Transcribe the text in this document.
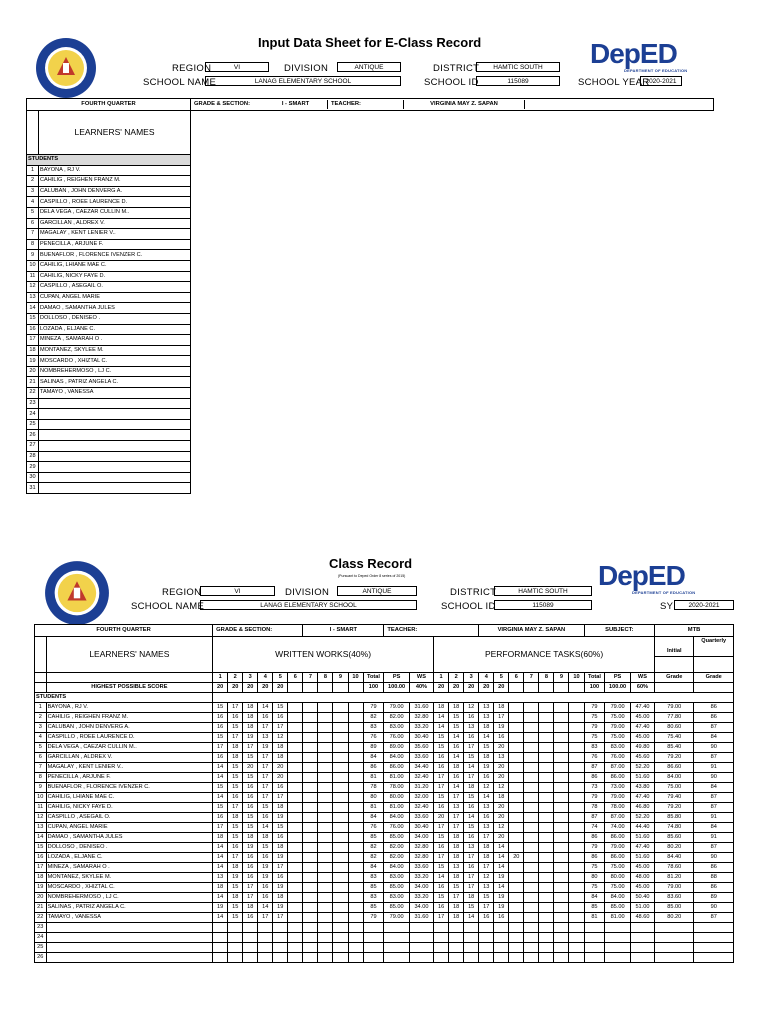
Input Data Sheet for E-Class Record	DepED
DEPARTMENT OF EDUCATION
REGION	VI	DIVISION	ANTIQUE	DISTRICT	HAMTIC SOUTH
SCHOOL NAME	LANAG ELEMENTARY SCHOOL	SCHOOL ID	115089	SCHOOL YEAR
2020-2021
FOURTH QUARTER		GRADE & SECTION: I - SMART TEACHER: VIRGINIA MAY Z. SAPAN

	LEARNERS' NAMES	
STUDENTS		
1	BAYONA , RJ V.	
2	CAHILIG , REIGHEN FRANZ M.	
3	CALUBAN , JOHN DENVERG A.	
4	CASPILLO , ROEE LAURENCE D.	
5	DELA VEGA , CAEZAR CULLIN M..	
6	GARCILLAN , ALDREX V.	
7	MAGALAY , KENT LENIER V..	
8	PENECILLA , ARJUNE F.	
9	BUENAFLOR , FLORENCE IVENZER C.	
10	CAHILIG, LHIANE MAE C.	
11	CAHILIG, NICKY FAYE D.	
12	CASPILLO , ASEGAIL O.	
13	CUPAN, ANGEL MARIE	
14	DAMAO , SAMANTHA JULES	
15	DOLLOSO , DENISEO .	
16	LOZADA , ELJANE C.	
17	MINEZA , SAMARAH O .	
18	MONTANEZ, SKYLEE M.	
19	MOSCARDO , XHIZTAL C.	
20	NOMBREHERMOSO , LJ C.	
21	SALINAS , PATRIZ ANGELA C.	
22	TAMAYO , VANESSA	
23		
24		
25		
26		
27		
28		
29		
30		
31		
Class Record
(Pursuant to Deped Order 8 series of 2015)	DepED
DEPARTMENT OF EDUCATION
REGION	VI	DIVISION	ANTIQUE	DISTRICT	HAMTIC SOUTH
SCHOOL NAME	LANAG ELEMENTARY SCHOOL	SCHOOL ID	115089	SY	2020-2021
FOURTH QUARTER		GRADE & SECTION:						I - SMART					TEACHER:					VIRGINIA MAY Z. SAPAN							SUBJECT:			MTB	
	LEARNERS' NAMES	WRITTEN WORKS(40%)													PERFORMANCE TASKS(60%)													Initial	Quarterly

		1	2	3	4	5	6	7	8	9	10	Total	PS	WS	1	2	3	4	5	6	7	8	9	10	Total	PS	WS	Grade	Grade
	HIGHEST POSSIBLE SCORE	20	20	20	20	20						100	100.00	40%	20	20	20	20	20						100	100.00	60%		
STUDENTS																													
1	BAYONA , RJ V.	15	17	18	14	15						79	79.00	31.60	18	18	12	13	18						79	79.00	47.40	79.00	86
2	CAHILIG , REIGHEN FRANZ M.	16	16	18	16	16						82	82.00	32.80	14	15	16	13	17						75	75.00	45.00	77.80	86
3	CALUBAN , JOHN DENVERG A.	16	15	18	17	17						83	83.00	33.20	14	15	13	18	19						79	79.00	47.40	80.60	87
4	CASPILLO , ROEE LAURENCE D.	15	17	19	13	12						76	76.00	30.40	15	14	16	14	16						75	75.00	45.00	75.40	84
5	DELA VEGA , CAEZAR CULLIN M..	17	18	17	19	18						89	89.00	35.60	15	16	17	15	20						83	83.00	49.80	85.40	90
6	GARCILLAN , ALDREX V.	16	18	15	17	18						84	84.00	33.60	16	14	15	18	13						76	76.00	45.60	79.20	87
7	MAGALAY , KENT LENIER V..	14	15	20	17	20						86	86.00	34.40	16	18	14	19	20						87	87.00	52.20	86.60	91
8	PENECILLA , ARJUNE F.	14	15	15	17	20						81	81.00	32.40	17	16	17	16	20						86	86.00	51.60	84.00	90
9	BUENAFLOR , FLORENCE IVENZER C.	15	15	16	17	16						78	78.00	31.20	17	14	18	12	12						73	73.00	43.80	75.00	84
10	CAHILIG, LHIANE MAE C.	14	16	16	17	17						80	80.00	32.00	15	17	15	14	18						79	79.00	47.40	79.40	87
11	CAHILIG, NICKY FAYE D.	15	17	16	15	18						81	81.00	32.40	16	13	16	13	20						78	78.00	46.80	79.20	87
12	CASPILLO , ASEGAIL O.	16	18	15	16	19						84	84.00	33.60	20	17	14	16	20						87	87.00	52.20	85.80	91
13	CUPAN, ANGEL MARIE	17	15	15	14	15						76	76.00	30.40	17	17	15	13	12						74	74.00	44.40	74.80	84
14	DAMAO , SAMANTHA JULES	18	15	18	18	16						85	85.00	34.00	15	18	16	17	20						86	86.00	51.60	85.60	91
15	DOLLOSO , DENISEO .	14	16	19	15	18						82	82.00	32.80	16	18	13	18	14						79	79.00	47.40	80.20	87
16	LOZADA , ELJANE C.	14	17	16	16	19						82	82.00	32.80	17	18	17	18	14	20					86	86.00	51.60	84.40	90
17	MINEZA , SAMARAH O .	14	18	16	19	17						84	84.00	33.60	15	13	16	17	14						75	75.00	45.00	78.60	86
18	MONTANEZ, SKYLEE M.	13	19	16	19	16						83	83.00	33.20	14	18	17	12	19						80	80.00	48.00	81.20	88
19	MOSCARDO , XHIZTAL C.	18	15	17	16	19						85	85.00	34.00	16	15	17	13	14						75	75.00	45.00	79.00	86
20	NOMBREHERMOSO , LJ C.	14	18	17	16	18						83	83.00	33.20	15	17	18	15	19						84	84.00	50.40	83.60	89
21	SALINAS , PATRIZ ANGELA C.	19	15	18	14	19						85	85.00	34.00	16	18	15	17	19						85	85.00	51.00	85.00	90
22	TAMAYO , VANESSA	14	15	16	17	17						79	79.00	31.60	17	18	14	16	16						81	81.00	48.60	80.20	87
23																													
24																													
25																													
26																													
